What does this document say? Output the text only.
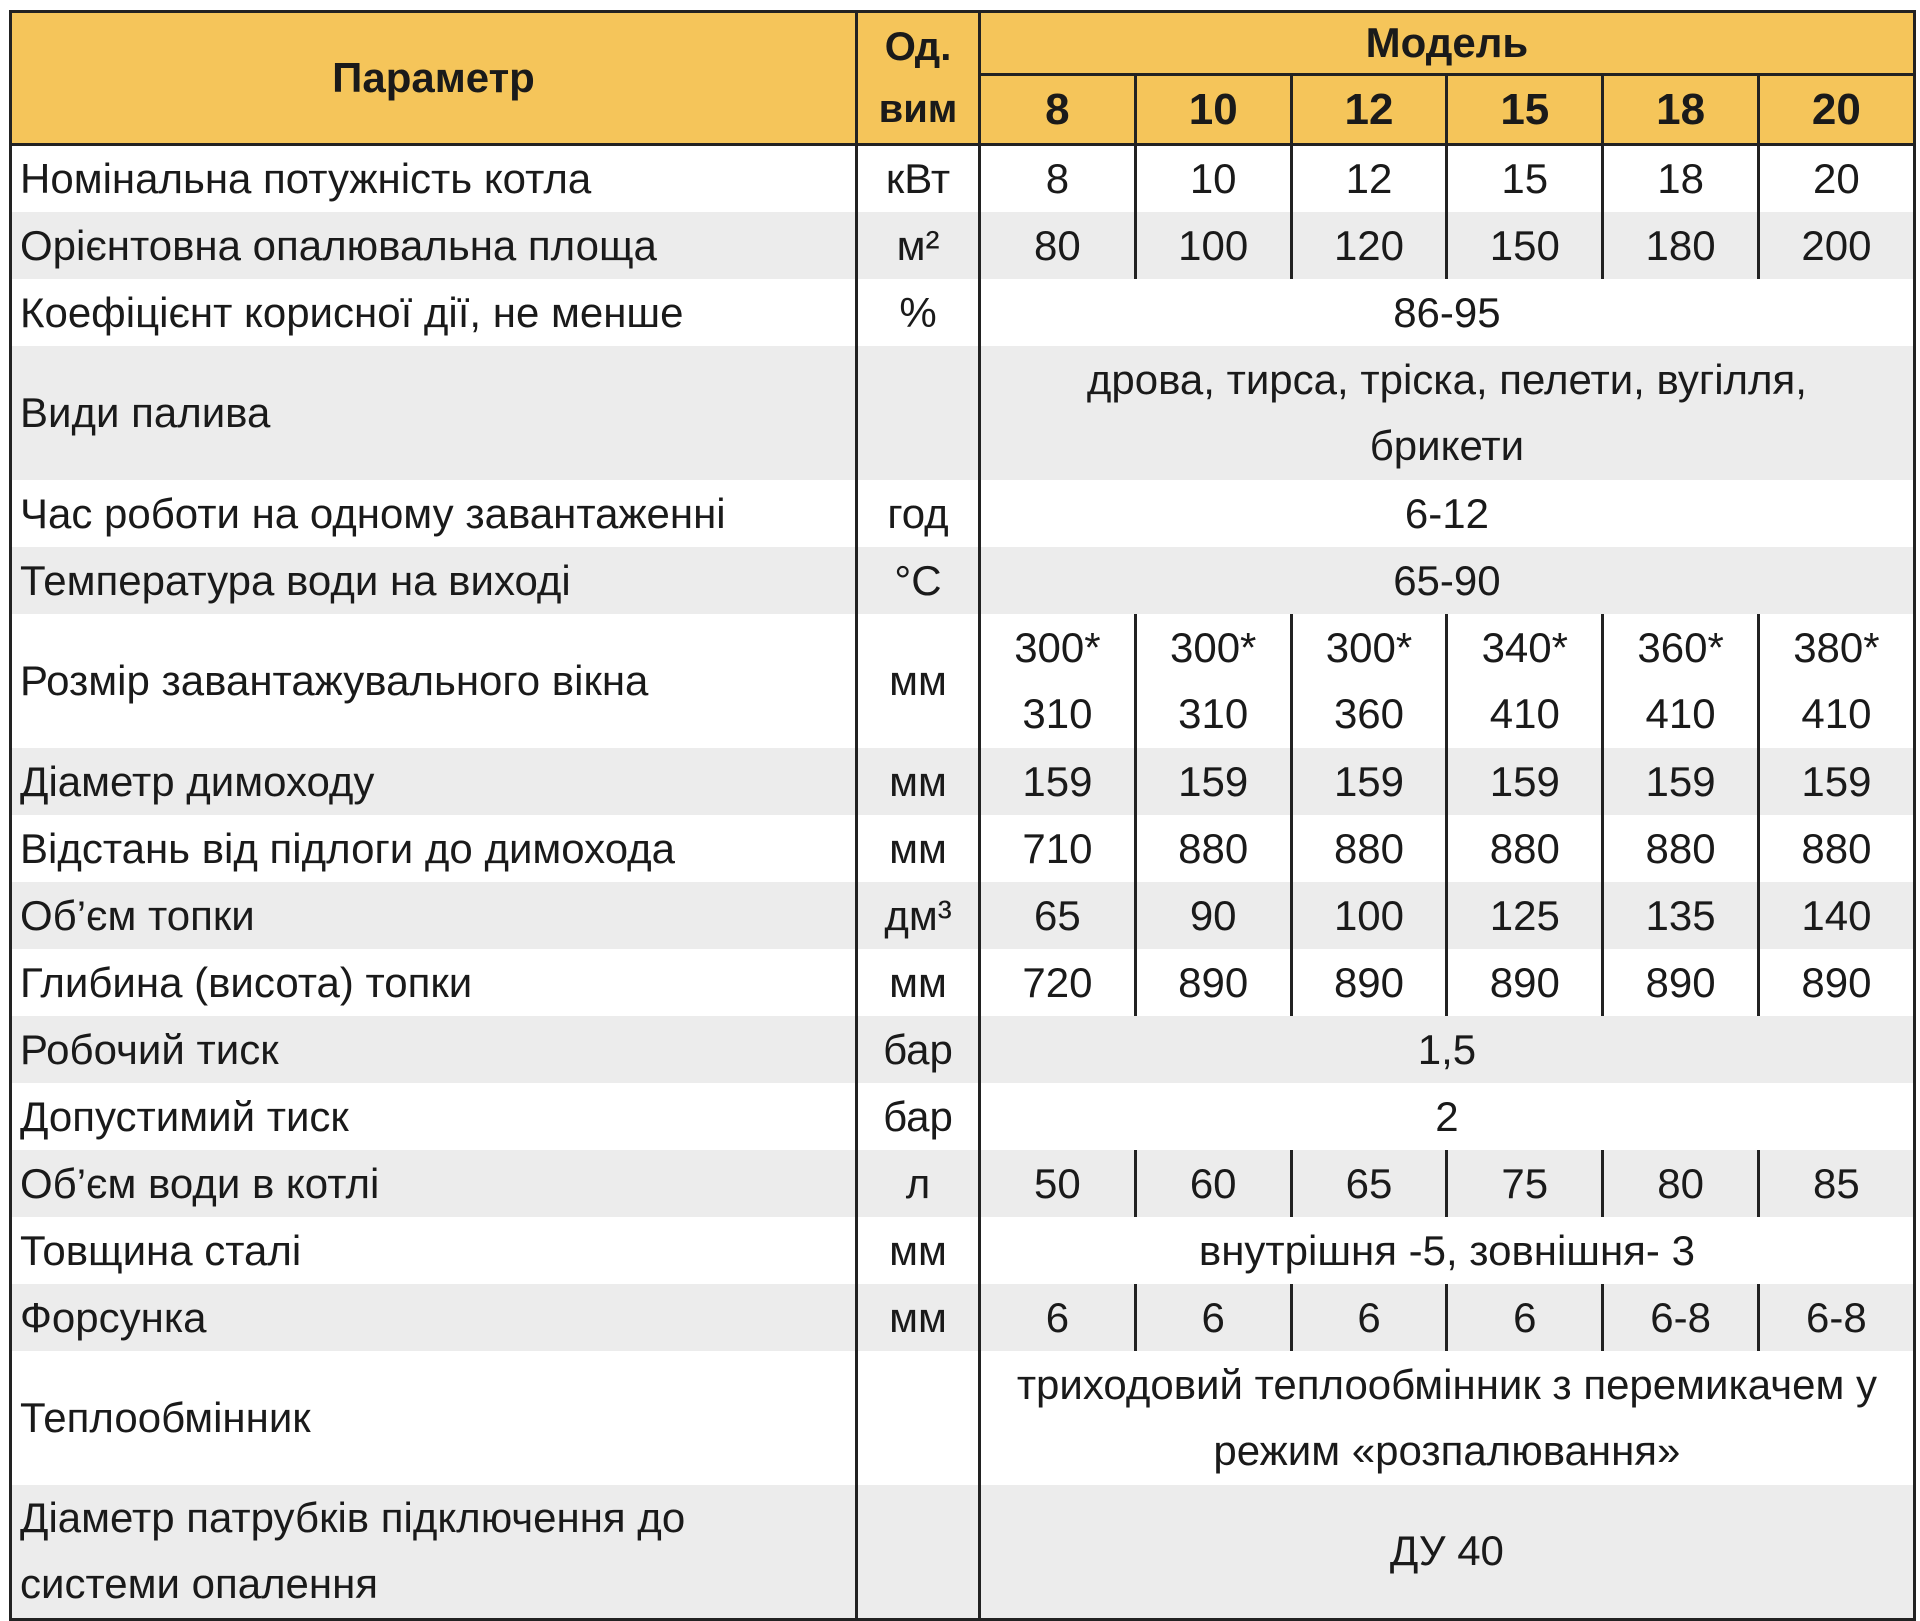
Параметр	Од. вим	Модель					
		8	10	12	15	18	20
Номінальна потужність котла	кВт	8	10	12	15	18	20
Орієнтовна опалювальна площа	м²	80	100	120	150	180	200
Коефіцієнт корисної дії, не менше	%	86-95					
Види палива		дрова, тирса, тріска, пелети, вугілля, брикети					
Час роботи на одному завантаженні	год	6-12					
Температура води на виході	°С	65-90					
Розмір завантажувального вікна	мм	300* 310	300* 310	300* 360	340* 410	360* 410	380* 410
Діаметр димоходу	мм	159	159	159	159	159	159
Відстань від підлоги до димохода	мм	710	880	880	880	880	880
Об’єм топки	дм³	65	90	100	125	135	140
Глибина (висота) топки	мм	720	890	890	890	890	890
Робочий тиск	бар	1,5					
Допустимий тиск	бар	2					
Об’єм води в котлі	л	50	60	65	75	80	85
Товщина сталі	мм	внутрішня -5, зовнішня- 3					
Форсунка	мм	6	6	6	6	6-8	6-8
Теплообмінник		триходовий теплообмінник з перемикачем у режим «розпалювання»					
Діаметр патрубків підключення до системи опалення		ДУ 40					
